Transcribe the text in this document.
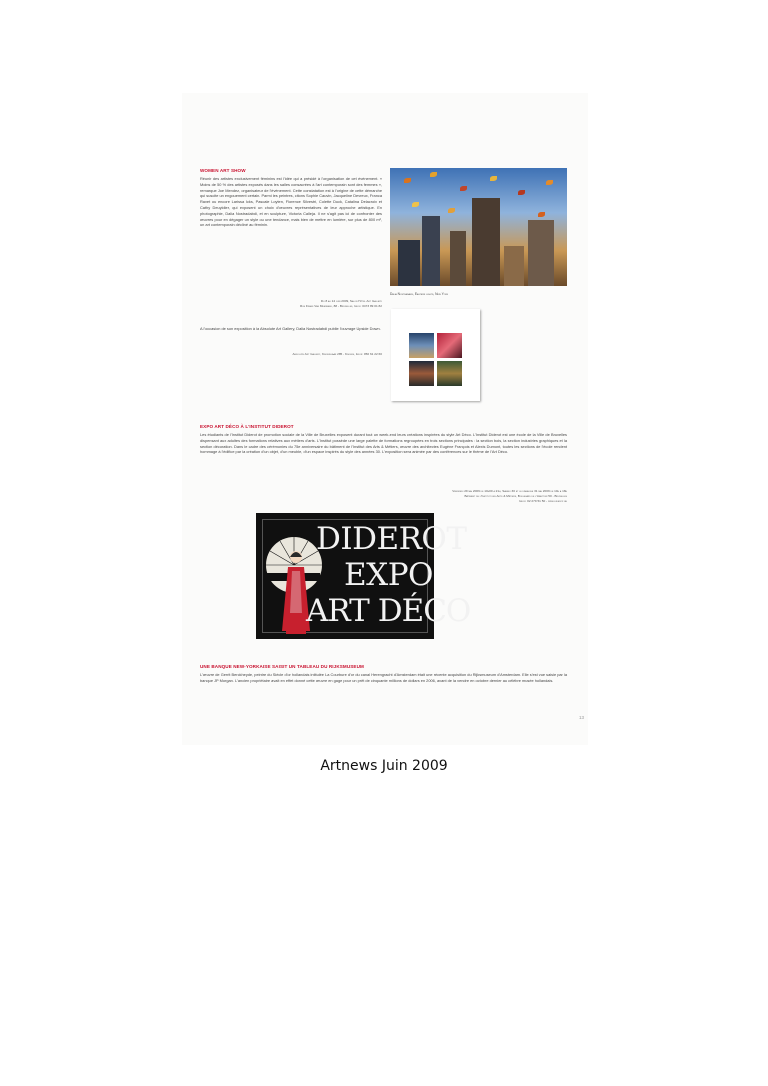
WOMEN ART SHOW
Réunir des artistes exclusivement féminins est l'idée qui a présidé à l'organisation de cet événement. « Moins de 50 % des artistes exposés dans les salles consacrées à l'art contemporain sont des femmes », remarque Joe Mendez, organisateur de l'événement. Cette constatation est à l'origine de cette démarche qui suscite un engouement certain. Parmi les peintres, citons Sophie Cauvin, Jacqueline Devreux, Franca Ravet ou encore Larissa Icks, Pascale Loyten, Florence Silvestri, Colette Duck, Catalina Delacroix et Cathy Deuyldier, qui exposent un choix d'œuvres représentatives de leur approche artistique. En photographie, Dalia Nostradabdi, et en sculpture, Victoria Calleja. Il ne s'agit pas ici de confronter des œuvres pour en dégager un style ou une tendance, mais bien de mettre en lumière, sur plus de 800 m², un art contemporain décliné au féminin.
Du 8 au 14 juin 2009, Salon Hôtel Art Gallery
Rue Frans Van Meerbeek, 88 - Bruxelles, Infos: 0473 89 01 82
Dalia Nostradabdi, Eastern lights, New York
A l'occasion de son exposition à la Absolute Art Gallery, Dalia Nostradabdi publie l'ouvrage Upside Down.
Absolute Art Gallery, Knokkelaan 285 - Knokke, Infos: 050 61 22 60
EXPO ART DÉCO À L'INSTITUT DIDEROT
Les étudiants de l'Institut Diderot de promotion sociale de la Ville de Bruxelles exposent durant tout un week-end leurs créations inspirées du style Art Déco. L'Institut Diderot est une école de la Ville de Bruxelles dispensant aux adultes des formations relatives aux métiers d'arts. L'Institut possède une large palette de formations regroupées en trois sections principales : la section bois, la section industries graphiques et la section décoration. Dans le cadre des cérémonies du 75e anniversaire du bâtiment de l'Institut des Arts & Métiers, œuvre des architectes Eugène François et Alexis Dumont, toutes les sections de l'école rendent hommage à l'édifice par la création d'un objet, d'un meuble, d'un espace inspirés du style des années 30. L'exposition sera animée par des conférences sur le thème de l'Art Déco.
Vendredi 29 mai 2009 de 10h00 à 21h, Samedi 30 et le dimanche 31 mai 2009 de 10h à 18h
Bâtiment de l'Institut des Arts & Métiers, Boulevard de l'Abattoir 50 - Bruxelles
Infos: 02 279 51 50 - www.diderot.be
DIDEROT
EXPO
ART DÉCO
UNE BANQUE NEW-YORKAISE SAISIT UN TABLEAU DU RIJKSMUSEUM
L'œuvre de Gerrit Berckheyde, peintre du Siècle d'or hollandais intitulée La Courbure d'or du canal Herengracht d'Amsterdam était une récente acquisition du Rijksmuseum d'Amsterdam. Elle s'est vue saisie par la banque JP Morgan. L'ancien propriétaire avait en effet donné cette œuvre en gage pour un prêt de cinquante millions de dollars en 2006, avant de la vendre en octobre dernier au célèbre musée hollandais.
13
Artnews Juin 2009
